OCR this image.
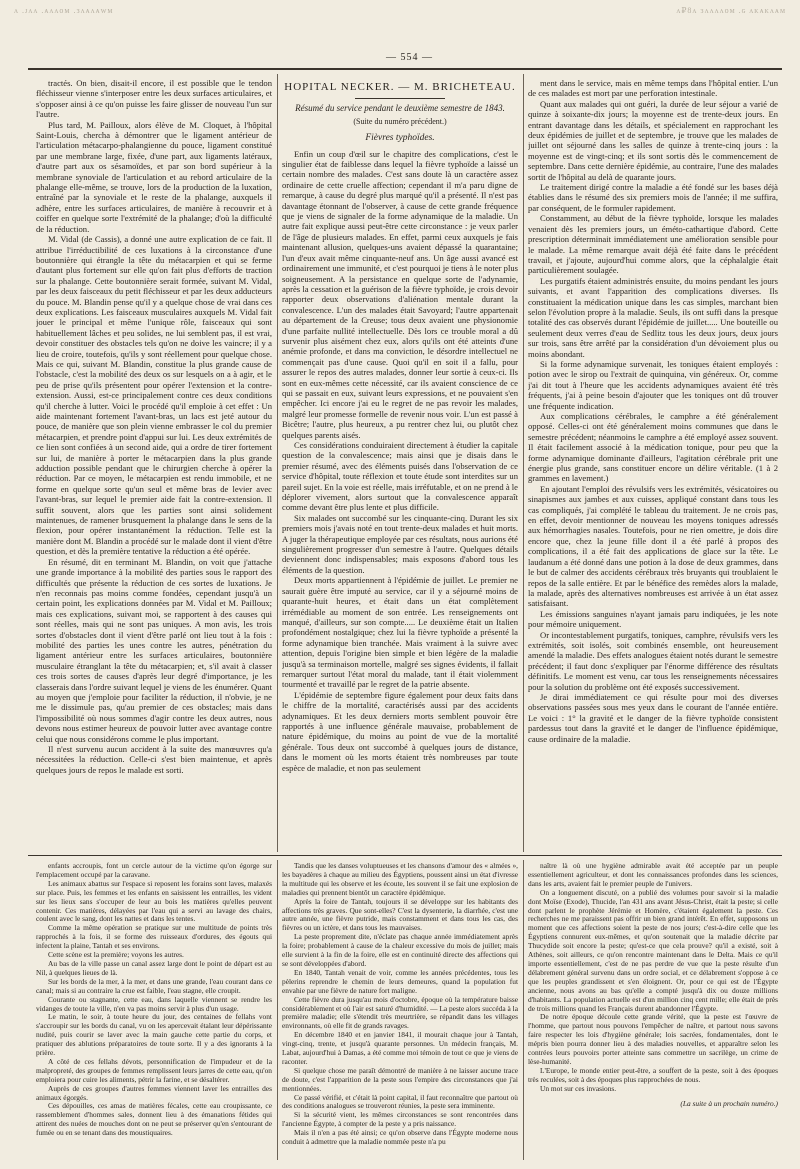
ᴧ .ᴊᴧᴧ .ᴀᴧᴧᴏᴍ .ᴈᴧᴀᴧᴀᴡᴍ	ᴧ₽8ᴧ ᴈᴧᴧᴧᴧᴏᴍ .ɢ ᴧᴋᴀᴋᴧᴀᴍ
— 554 —

tractés. On bien, disait-il encore, il est possible que le tendon fléchisseur vienne s'interposer entre les deux surfaces articulaires, et s'opposer ainsi à ce qu'on puisse les faire glisser de nouveau l'un sur l'autre.

Plus tard, M. Pailloux, alors élève de M. Cloquet, à l'hôpital Saint-Louis, chercha à démontrer que le ligament antérieur de l'articulation métacarpo-phalangienne du pouce, ligament constitué par une membrane large, fixée, d'une part, aux ligaments latéraux, d'autre part aux os sésamoïdes, et par son bord supérieur à la membrane synoviale de l'articulation et au rebord articulaire de la phalange elle-même, se trouve, lors de la production de la luxation, entraîné par la synoviale et le reste de la phalange, auxquels il adhère, entre les surfaces articulaires, de manière à recouvrir et à coiffer en quelque sorte l'extrémité de la phalange; d'où la difficulté de la réduction.

M. Vidal (de Cassis), a donné une autre explication de ce fait. Il attribue l'irréductibilité de ces luxations à la circonstance d'une boutonnière qui étrangle la tête du métacarpien et qui se ferme d'autant plus fortement sur elle qu'on fait plus d'efforts de traction sur la phalange. Cette boutonnière serait formée, suivant M. Vidal, par les deux faisceaux du petit fléchisseur et par les deux adducteurs du pouce. M. Blandin pense qu'il y a quelque chose de vrai dans ces deux explications. Les faisceaux musculaires auxquels M. Vidal fait jouer le principal et même l'unique rôle, faisceaux qui sont habituellement lâches et peu solides, ne lui semblent pas, il est vrai, devoir constituer des obstacles tels qu'on ne doive les vaincre; il y a lieu de croire, toutefois, qu'ils y sont réellement pour quelque chose. Mais ce qui, suivant M. Blandin, constitue la plus grande cause de l'obstacle, c'est la mobilité des deux os sur lesquels on a à agir, et le peu de prise qu'ils présentent pour opérer l'extension et la contre-extension. Aussi, est-ce principalement contre ces deux conditions qu'il cherche à lutter. Voici le procédé qu'il emploie à cet effet : Un aide maintenant fortement l'avant-bras, un lacs est jeté autour du pouce, de manière que son plein vienne embrasser le col du premier métacarpien, et prendre point d'appui sur lui. Les deux extrémités de ce lien sont confiées à un second aide, qui a ordre de tirer fortement sur lui, de manière à porter le métacarpien dans la plus grande adduction possible pendant que le chirurgien cherche à opérer la réduction. Par ce moyen, le métacarpien est rendu immobile, et ne forme en quelque sorte qu'un seul et même bras de levier avec l'avant-bras, sur lequel le premier aide fait la contre-extension. Il suffit souvent, alors que les parties sont ainsi solidement maintenues, de ramener brusquement la phalange dans le sens de la flexion, pour opérer instantanément la réduction. Telle est la manière dont M. Blandin a procédé sur le malade dont il vient d'être question, et dès la première tentative la réduction a été opérée.

En résumé, dit en terminant M. Blandin, on voit que j'attache une grande importance à la mobilité des parties sous le rapport des difficultés que présente la réduction de ces sortes de luxations. Je n'en reconnais pas moins comme fondées, cependant jusqu'à un certain point, les explications données par M. Vidal et M. Pailloux; mais ces explications, suivant moi, se rapportent à des causes qui sont réelles, mais qui ne sont pas uniques. A mon avis, les trois sortes d'obstacles dont il vient d'être parlé ont lieu tout à la fois : mobilité des parties les unes contre les autres, pénétration du ligament antérieur entre les surfaces articulaires, boutonnière musculaire étranglant la tête du métacarpien; et, s'il avait à classer ces trois sortes de causes d'après leur degré d'importance, je les classerais dans l'ordre suivant lequel je viens de les énumérer. Quant au moyen que j'emploie pour faciliter la réduction, il n'obvie, je ne me le dissimule pas, qu'au premier de ces obstacles; mais dans l'impossibilité où nous sommes d'agir contre les deux autres, nous devons nous estimer heureux de pouvoir lutter avec avantage contre celui que nous considérons comme le plus important.

Il n'est survenu aucun accident à la suite des manœuvres qu'a nécessitées la réduction. Celle-ci s'est bien maintenue, et après quelques jours de repos le malade est sorti.

HOPITAL NECKER. — M. BRICHETEAU.
Résumé du service pendant le deuxième semestre de 1843.
(Suite du numéro précédent.)
Fièvres typhoïdes.

Enfin un coup d'œil sur le chapitre des complications, c'est le singulier état de faiblesse dans lequel la fièvre typhoïde a laissé un certain nombre des malades. C'est sans doute là un caractère assez ordinaire de cette cruelle affection; cependant il m'a paru digne de remarque, à cause du degré plus marqué qu'il a présenté. Il n'est pas davantage étonnant de l'observer, à cause de cette grande fréquence que je viens de signaler de la forme adynamique de la maladie. Un autre fait explique aussi peut-être cette circonstance : je veux parler de l'âge de plusieurs malades. En effet, parmi ceux auxquels je fais maintenant allusion, quelques-uns avaient dépassé la quarantaine; l'un d'eux avait même cinquante-neuf ans. Un âge aussi avancé est ordinairement une immunité, et c'est pourquoi je tiens à le noter plus soigneusement. A la persistance en quelque sorte de l'adynamie, après la cessation et la guérison de la fièvre typhoïde, je crois devoir rapporter deux observations d'aliénation mentale durant la convalescence. L'un des malades était Savoyard; l'autre appartenait au département de la Creuse; tous deux avaient une physionomie d'une parfaite nullité intellectuelle. Dès lors ce trouble moral a dû survenir plus aisément chez eux, alors qu'ils ont été atteints d'une anémie profonde, et dans ma conviction, le désordre intellectuel ne commençait pas d'une cause. Quoi qu'il en soit il a fallu, pour assurer le repos des autres malades, donner leur sortie à ceux-ci. Ils sont en eux-mêmes cette nécessité, car ils avaient conscience de ce qui se passait en eux, suivant leurs expressions, et ne pouvaient s'en empêcher. Ici encore j'ai eu le regret de ne pas revoir les malades, malgré leur promesse formelle de revenir nous voir. L'un est passé à Bicêtre; l'autre, plus heureux, a pu rentrer chez lui, ou plutôt chez quelques parents aisés.

Ces considérations conduiraient directement à étudier la capitale question de la convalescence; mais ainsi que je disais dans le premier résumé, avec des éléments puisés dans l'observation de ce service d'hôpital, toute réflexion et toute étude sont interdites sur un pareil sujet. En la voie est réelle, mais irréfutable, et on ne prend à le déplorer vivement, alors surtout que la convalescence apparaît comme devant être plus lente et plus difficile.

Six malades ont succombé sur les cinquante-cinq. Durant les six premiers mois j'avais noté en tout trente-deux malades et huit morts. A juger la thérapeutique employée par ces résultats, nous aurions été singulièrement progresser d'un semestre à l'autre. Quelques détails deviennent donc indispensables; mais exposons d'abord tous les éléments de la question.

Deux morts appartiennent à l'épidémie de juillet. Le premier ne saurait guère être imputé au service, car il y a séjourné moins de quarante-huit heures, et était dans un état complètement irrémédiable au moment de son entrée. Les renseignements ont manqué, d'ailleurs, sur son compte..... Le deuxième était un Italien profondément nostalgique; chez lui la fièvre typhoïde a présenté la forme adynamique bien tranchée. Mais vraiment à la suivre avec attention, depuis l'origine bien simple et bien légère de la maladie jusqu'à sa terminaison mortelle, malgré ses signes évidents, il fallait remarquer surtout l'état moral du malade, tant il était violemment tourmenté et travaillé par le regret de la patrie absente.

L'épidémie de septembre figure également pour deux faits dans le chiffre de la mortalité, caractérisés aussi par des accidents adynamiques. Et les deux derniers morts semblent pouvoir être rapportés à une influence générale mauvaise, probablement de nature épidémique, du moins au point de vue de la mortalité générale. Tous deux ont succombé à quelques jours de distance, dans le moment où les morts étaient très nombreuses par toute espèce de maladie, et non pas seulement

ment dans le service, mais en même temps dans l'hôpital entier. L'un de ces malades est mort par une perforation intestinale.

Quant aux malades qui ont guéri, la durée de leur séjour a varié de quinze à soixante-dix jours; la moyenne est de trente-deux jours. En entrant davantage dans les détails, et spécialement en rapprochant les deux épidémies de juillet et de septembre, je trouve que les malades de juillet ont séjourné dans les salles de quinze à trente-cinq jours : la moyenne est de vingt-cinq; et ils sont sortis dès le commencement de septembre. Dans cette dernière épidémie, au contraire, l'une des malades sortit de l'hôpital au delà de quarante jours.

Le traitement dirigé contre la maladie a été fondé sur les bases déjà établies dans le résumé des six premiers mois de l'année; il me suffira, par conséquent, de le formuler rapidement.

Constamment, au début de la fièvre typhoïde, lorsque les malades venaient dès les premiers jours, un éméto-cathartique d'abord. Cette prescription déterminait immédiatement une amélioration sensible pour le malade. La même remarque avait déjà été faite dans le précédent travail, et j'ajoute, aujourd'hui comme alors, que la céphalalgie était particulièrement soulagée.

Les purgatifs étaient administrés ensuite, du moins pendant les jours suivants, et avant l'apparition des complications diverses. Ils constituaient la médication unique dans les cas simples, marchant bien selon l'évolution propre à la maladie. Seuls, ils ont suffi dans la presque totalité des cas observés durant l'épidémie de juillet..... Une bouteille ou seulement deux verres d'eau de Sedlitz tous les deux jours, deux jours sur trois, sans être arrêté par la considération d'un dévoiement plus ou moins abondant.

Si la forme adynamique survenait, les toniques étaient employés : potion avec le sirop ou l'extrait de quinquina, vin généreux. Or, comme j'ai dit tout à l'heure que les accidents adynamiques avaient été très fréquents, j'ai à peine besoin d'ajouter que les toniques ont dû trouver une fréquente indication.

Aux complications cérébrales, le camphre a été généralement opposé. Celles-ci ont été généralement moins communes que dans le semestre précédent; néanmoins le camphre a été employé assez souvent. Il était facilement associé à la médication tonique, pour peu que la forme adynamique dominante d'ailleurs, l'agitation cérébrale prit une énergie plus grande, sans constituer encore un délire véritable. (1 à 2 grammes en lavement.)

En ajoutant l'emploi des révulsifs vers les extrémités, vésicatoires ou sinapismes aux jambes et aux cuisses, appliqué constant dans tous les cas compliqués, j'ai complété le tableau du traitement. Je ne crois pas, en effet, devoir mentionner de nouveau les moyens toniques adressés aux hémorrhagies nasales. Toutefois, pour ne rien omettre, je dois dire encore que, chez la jeune fille dont il a été parlé à propos des complications, il a été fait des applications de glace sur la tête. Le laudanum a été donné dans une potion à la dose de deux grammes, dans le but de calmer des accidents cérébraux très bruyants qui troublaient le repos de la salle entière. Et par le bénéfice des remèdes alors la malade, la malade, après des alternatives nombreuses est arrivée à un état assez satisfaisant.

Les émissions sanguines n'ayant jamais paru indiquées, je les note pour mémoire uniquement.

Or incontestablement purgatifs, toniques, camphre, révulsifs vers les extrémités, soit isolés, soit combinés ensemble, ont heureusement amendé la maladie. Des effets analogues étaient notés durant le semestre précédent; il faut donc s'expliquer par l'énorme différence des résultats définitifs. Le moment est venu, car tous les renseignements nécessaires pour la solution du problème ont été exposés successivement.

Je dirai immédiatement ce qui résulte pour moi des diverses observations passées sous mes yeux dans le courant de l'année entière. Le voici : 1° la gravité et le danger de la fièvre typhoïde consistent pardessus tout dans la gravité et le danger de l'influence épidémique, cause ordinaire de la maladie.

enfants accroupis, font un cercle autour de la victime qu'on égorge sur l'emplacement occupé par la caravane.

Les animaux abattus sur l'espace si reposent les forains sont laves, malaxés sur place. Puis, les femmes et les enfants en saisissent les entrailles, les vident sur les lieux sans s'occuper de leur au bois les matières qu'elles peuvent contenir. Ces matières, délayées par l'eau qui a servi au lavage des chairs, coulent avec le sang, dont les nattes et dans les tentes.

Comme la même opération se pratique sur une multitude de points très rapprochés à la fois, il se forme des ruisseaux d'ordures, des égouts qui infectent la plaine, Tantah et ses environs.

Cette scène est la première; voyons les autres.

Au bas de la ville passe un canal assez large dont le point de départ est au Nil, à quelques lieues de là.

Sur les bords de la mer, à la mer, et dans une grande, l'eau courant dans ce canal; mais si au contraire la crue est faible, l'eau stagne, elle croupit.

Courante ou stagnante, cette eau, dans laquelle viennent se rendre les vidanges de toute la ville, n'en va pas moins servir à plus d'un usage.

Le matin, le soir, à toute heure du jour, des centaines de fellahs vont s'accroupir sur les bords du canal, vu on les apercevait étalant leur dépérissante nudité, puis courir se laver avec la main gauche cette partie du corps, et pratiquer des ablutions préparatoires de toute sorte. Il y a des ignorants à la prière.

A côté de ces fellahs dévots, personnification de l'impudeur et de la malpropreté, des groupes de femmes remplissent leurs jarres de cette eau, qu'on emploiera pour cuire les aliments, pétrir la farine, et se désaltérer.

Auprès de ces groupes d'autres femmes viennent laver les entrailles des animaux égorgés.

Ces dépouilles, ces amas de matières fécales, cette eau croupissante, ce rassemblement d'hommes sales, donnent lieu à des émanations fétides qui attirent des nuées de mouches dont on ne peut se préserver qu'en s'entourant de fumée ou en se tenant dans des moustiquaires.

Tandis que les danses voluptueuses et les chansons d'amour des « almées », les bayadères à chaque au milieu des Égyptiens, poussent ainsi un état d'ivresse la multitude qui les observe et les écoute, les souvent il se fait une explosion de maladies qui prennent bientôt un caractère épidémique.

Après la foire de Tantah, toujours il se développe sur les habitants des affections très graves. Que sont-elles? C'est la dysenterie, la diarrhée, c'est une autre année, une fièvre putride, mais constamment et dans tous les cas, des fièvres ou un ictère, et dans tous les mauvaises.

La peste proprement dite, n'éclate pas chaque année immédiatement après la foire; probablement à cause de la chaleur excessive du mois de juillet; mais elle survient à la fin de la foire, elle est en continuité directe des affections qui se sont développées d'abord.

En 1840, Tantah venait de voir, comme les années précédentes, tous les pèlerins reprendre le chemin de leurs demeures, quand la population fut envahie par une fièvre de nature fort maligne.

Cette fièvre dura jusqu'au mois d'octobre, époque où la température baisse considérablement et où l'air est saturé d'humidité. — La peste alors succéda à la première maladie; elle s'étendit très meurtrière, se répandit dans les villages environnants, où elle fit de grands ravages.

En décembre 1840 et en janvier 1841, il mourait chaque jour à Tantah, vingt-cinq, trente, et jusqu'à quarante personnes. Un médecin français, M. Labat, aujourd'hui à Damas, a été comme moi témoin de tout ce que je viens de raconter.

Si quelque chose me paraît démontré de manière à ne laisser aucune trace de doute, c'est l'apparition de la peste sous l'empire des circonstances que j'ai mentionnées.

Ce passé vérifié, et c'était là point capital, il faut reconnaître que partout où des conditions analogues se trouveront réunies, la peste sera imminente.

Si la sécurité vient, les mêmes circonstances se sont rencontrées dans l'ancienne Égypte, à compter de la peste y a pris naissance.

Mais il n'en a pas été ainsi; ce qu'on observe dans l'Égypte moderne nous conduit à admettre que la maladie nommée peste n'a pu

naître là où une hygiène admirable avait été acceptée par un peuple essentiellement agriculteur, et dont les connaissances profondes dans les sciences, dans les arts, avaient fait le premier peuple de l'univers.

On a longuement discuté, on a publié des volumes pour savoir si la maladie dont Moïse (Exode), Thucide, l'an 431 ans avant Jésus-Christ, était la peste; si celle dont parlent le prophète Jérémie et Homère, c'étaient également la peste. Ces recherches ne me paraissent pas offrir un bien grand intérêt. En effet, supposons un moment que ces affections soient la peste de nos jours; c'est-à-dire celle que les Égyptiens connurent eux-mêmes, et qu'on soutenait que la maladie décrite par Thucydide soit encore la peste; qu'est-ce que cela prouve? qu'il a existé, soit à Athènes, soit ailleurs, ce qu'on rencontre maintenant dans le Delta. Mais ce qu'il importe essentiellement, c'est de ne pas perdre de vue que la peste résulte d'un délabrement général survenu dans un ordre social, et ce délabrement s'oppose à ce que les peuples grandissent et s'en éloignent. Or, pour ce qui est de l'Égypte ancienne, nous avons au bas qu'elle a compté jusqu'à dix ou douze millions d'habitants. La population actuelle est d'un million cinq cent mille; elle était de près de trois millions quand les Français durent abandonner l'Égypte.

De notre époque découle cette grande vérité, que la peste est l'œuvre de l'homme, que partout nous pouvons l'empêcher de naître, et partout nous savons faire respecter les lois d'hygiène générale; lois sacrées, fondamentales, dont le mépris bien pourra donner lieu à des maladies nouvelles, et apparaître selon les contrées leurs pouvoirs porter atteinte sans commettre un sacrilège, un crime de lèse-humanité.

L'Europe, le monde entier peut-être, a souffert de la peste, soit à des époques très reculées, soit à des époques plus rapprochées de nous.

Un mot sur ces invasions.

(La suite à un prochain numéro.)
